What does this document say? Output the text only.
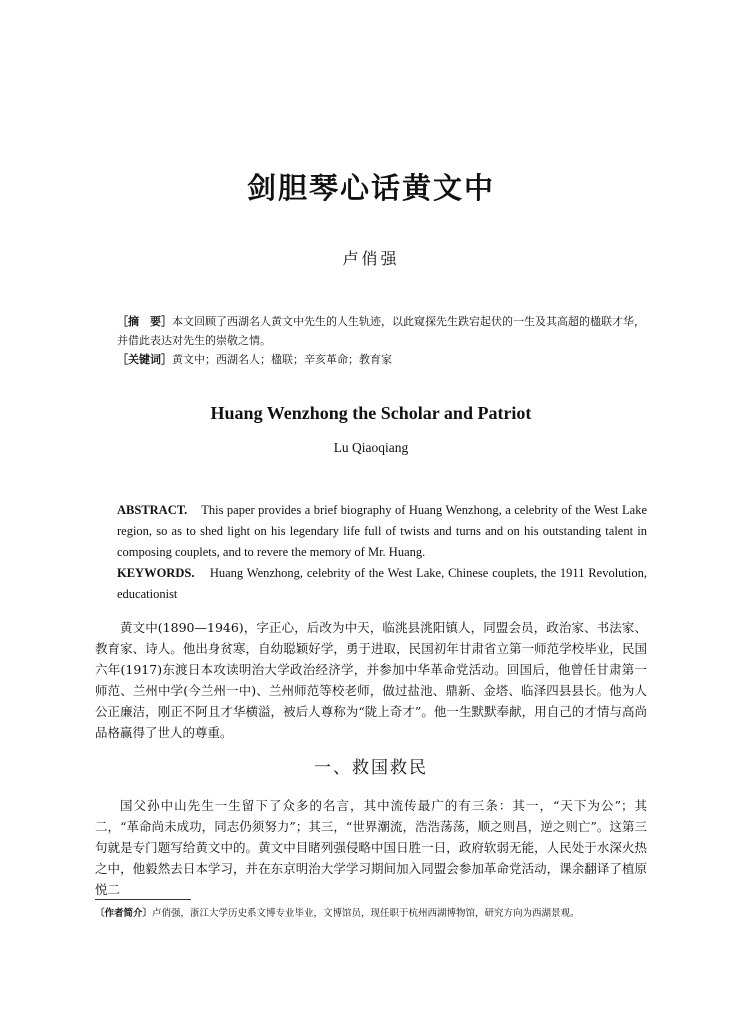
剑胆琴心话黄文中
卢俏强

［摘　要］本文回顾了西湖名人黄文中先生的人生轨迹，以此窥探先生跌宕起伏的一生及其高超的楹联才华，并借此表达对先生的崇敬之情。

［关键词］黄文中；西湖名人；楹联；辛亥革命；教育家

Huang Wenzhong the Scholar and Patriot
Lu Qiaoqiang

ABSTRACT. This paper provides a brief biography of Huang Wenzhong, a celebrity of the West Lake region, so as to shed light on his legendary life full of twists and turns and on his outstanding talent in composing couplets, and to revere the memory of Mr. Huang.

KEYWORDS. Huang Wenzhong, celebrity of the West Lake, Chinese couplets, the 1911 Revolution, educationist

黄文中(1890—1946)，字正心，后改为中天，临洮县洮阳镇人，同盟会员，政治家、书法家、教育家、诗人。他出身贫寒，自幼聪颖好学，勇于进取，民国初年甘肃省立第一师范学校毕业，民国六年(1917)东渡日本攻读明治大学政治经济学，并参加中华革命党活动。回国后，他曾任甘肃第一师范、兰州中学(今兰州一中)、兰州师范等校老师，做过盐池、鼎新、金塔、临泽四县县长。他为人公正廉洁，刚正不阿且才华横溢，被后人尊称为“陇上奇才”。他一生默默奉献，用自己的才情与高尚品格赢得了世人的尊重。

一、救国救民

国父孙中山先生一生留下了众多的名言，其中流传最广的有三条：其一，“天下为公”；其二，“革命尚未成功，同志仍须努力”；其三，“世界潮流，浩浩荡荡，顺之则昌，逆之则亡”。这第三句就是专门题写给黄文中的。黄文中目睹列强侵略中国日胜一日，政府软弱无能，人民处于水深火热之中，他毅然去日本学习，并在东京明治大学学习期间加入同盟会参加革命党活动，课余翻译了植原悦二

〔作者简介〕卢俏强，浙江大学历史系文博专业毕业，文博馆员，现任职于杭州西湖博物馆，研究方向为西湖景观。
